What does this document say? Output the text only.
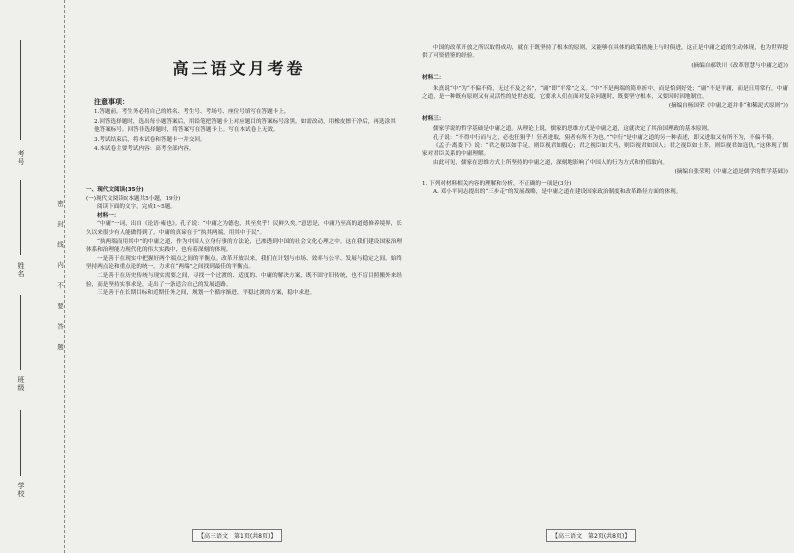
考号
姓名
班级
学校
密封线内不要答题
高三语文月考卷
注意事项：

1.答题前，考生务必将自己的姓名、考生号、考场号、座位号填写在答题卡上。

2.回答选择题时，选出每小题答案后，用铅笔把答题卡上对应题目的答案标号涂黑。如需改动，用橡皮擦干净后，再选涂其他答案标号。回答非选择题时，将答案写在答题卡上。写在本试卷上无效。

3.考试结束后，将本试卷和答题卡一并交回。

4.本试卷主要考试内容：高考全部内容。

一、现代文阅读(35分)
(一)现代文阅读Ⅰ(本题共5小题，19分)
阅读下面的文字，完成1~5题。
材料一：

“中庸”一词，出自《论语·雍也》。孔子说：“中庸之为德也，其至矣乎！民鲜久矣。”意思是，中庸乃至高的道德修养境界，长久以来很少有人能做得到了。中庸的真谛在于“执其两端，用其中于民”。

“执两端而用其中”的中庸之道，作为中国人立身行事的方法论，已渗透到中国的社会文化心理之中。这在我们建设国家治理体系和治理能力现代化的伟大实践中，也有着深刻的体现。

一是善于在现实中把握好两个端点之间的平衡点。改革开放以来，我们在计划与市场、效率与公平、发展与稳定之间，始终坚持两点论和重点论的统一，力求在“两端”之间找到最佳的平衡点。

二是善于在历史传统与现实需要之间，寻找一个过渡的、适度的、中庸的解决方案，既不固守旧传统，也不盲目照搬外来经验，而是坚持实事求是，走出了一条适合自己的发展道路。

三是善于在长期目标和近期任务之间，规划一个循序渐进、平稳过渡的方案，稳中求进。

【高三语文　第1页(共8页)】

中国的改革开放之所以取得成功，就在于既坚持了根本的原则，又能够在具体的政策措施上与时俱进，这正是中庸之道的生动体现，也为世界提供了可资借鉴的经验。

(摘编自郝铁川《改革智慧与中庸之道》)
材料二：

朱熹说“中”为“不偏不倚，无过不及之名”，“庸”即“平常”之义。“中”不是两端的简单折中，而是恰到好处；“庸”不是平庸，而是日用常行。中庸之道，是一种既有原则又有灵活性的处世态度，它要求人们在面对复杂问题时，既要坚守根本，又要因时因地制宜。

(摘编自杨国荣《中庸之道并非“和稀泥式原则”》)
材料三：

儒家学说的哲学基础是中庸之道。从理论上说，儒家的思维方式是中庸之道，这就决定了其治国理政的基本原则。

孔子说：“不得中行而与之，必也狂狷乎！狂者进取，狷者有所不为也。”“中行”是中庸之道的另一种表述，即又进取又有所不为，不偏不倚。

《孟子·离娄下》说：“君之视臣如手足，则臣视君如腹心；君之视臣如犬马，则臣视君如国人；君之视臣如土芥，则臣视君如寇仇。”这体现了儒家对君臣关系的中庸理解。

由此可见，儒家在思维方式上所坚持的中庸之道，深刻地影响了中国人的行为方式和价值取向。

(摘编自张荣明《中庸之道是儒学的哲学基础》)
1. 下列对材料相关内容的理解和分析，不正确的一项是(3分)
A. 邓小平同志提出的“三步走”的发展战略，是中庸之道在建设国家政治制度和改革路径方面的体现。
【高三语文　第2页(共8页)】
